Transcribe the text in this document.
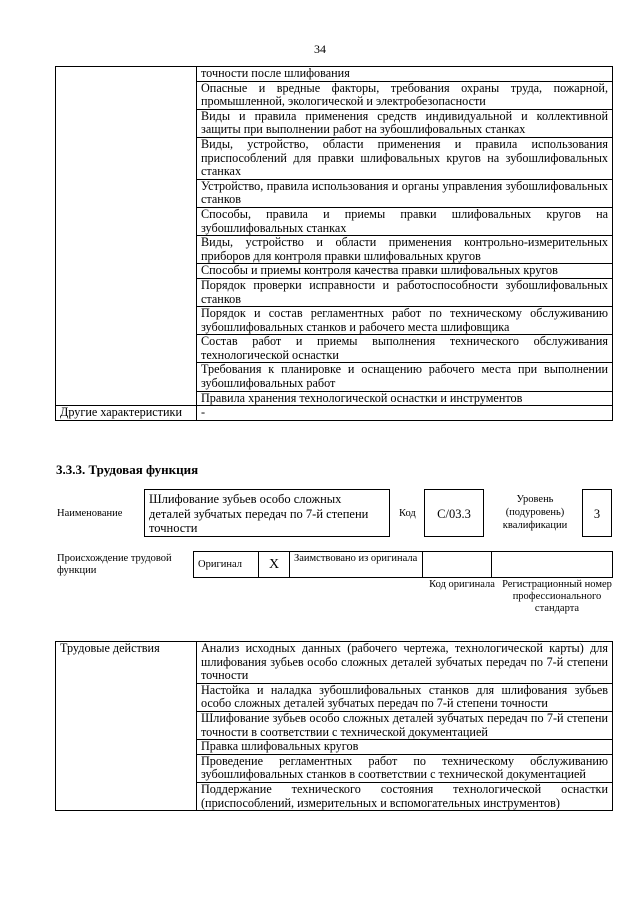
34
	точности после шлифования
	Опасные и вредные факторы, требования охраны труда, пожарной, промышленной, экологической и электробезопасности
	Виды и правила применения средств индивидуальной и коллективной защиты при выполнении работ на зубошлифовальных станках
	Виды, устройство, области применения и правила использования приспособлений для правки шлифовальных кругов на зубошлифовальных станках
	Устройство, правила использования и органы управления зубошлифовальных станков
	Способы, правила и приемы правки шлифовальных кругов на зубошлифовальных станках
	Виды, устройство и области применения контрольно-измерительных приборов для контроля правки шлифовальных кругов
	Способы и приемы контроля качества правки шлифовальных кругов
	Порядок проверки исправности и работоспособности зубошлифовальных станков
	Порядок и состав регламентных работ по техническому обслуживанию зубошлифовальных станков и рабочего места шлифовщика
	Состав работ и приемы выполнения технического обслуживания технологической оснастки
	Требования к планировке и оснащению рабочего места при выполнении зубошлифовальных работ
	Правила хранения технологической оснастки и инструментов
Другие характеристики	-
3.3.3. Трудовая функция
Наименование
Шлифование зубьев особо сложных деталей зубчатых передач по 7-й степени точности
Код	C/03.3
Уровень (подуровень) квалификации
3
Происхождение трудовой функции
Оригинал	X	Заимствовано из оригинала		
Код оригинала Регистрационный номер профессионального стандарта
Трудовые действия	Анализ исходных данных (рабочего чертежа, технологической карты) для шлифования зубьев особо сложных деталей зубчатых передач по 7-й степени точности
Настойка и наладка зубошлифовальных станков для шлифования зубьев особо сложных деталей зубчатых передач по 7-й степени точности
Шлифование зубьев особо сложных деталей зубчатых передач по 7-й степени точности в соответствии с технической документацией
Правка шлифовальных кругов
Проведение регламентных работ по техническому обслуживанию зубошлифовальных станков в соответствии с технической документацией
Поддержание технического состояния технологической оснастки (приспособлений, измерительных и вспомогательных инструментов)
